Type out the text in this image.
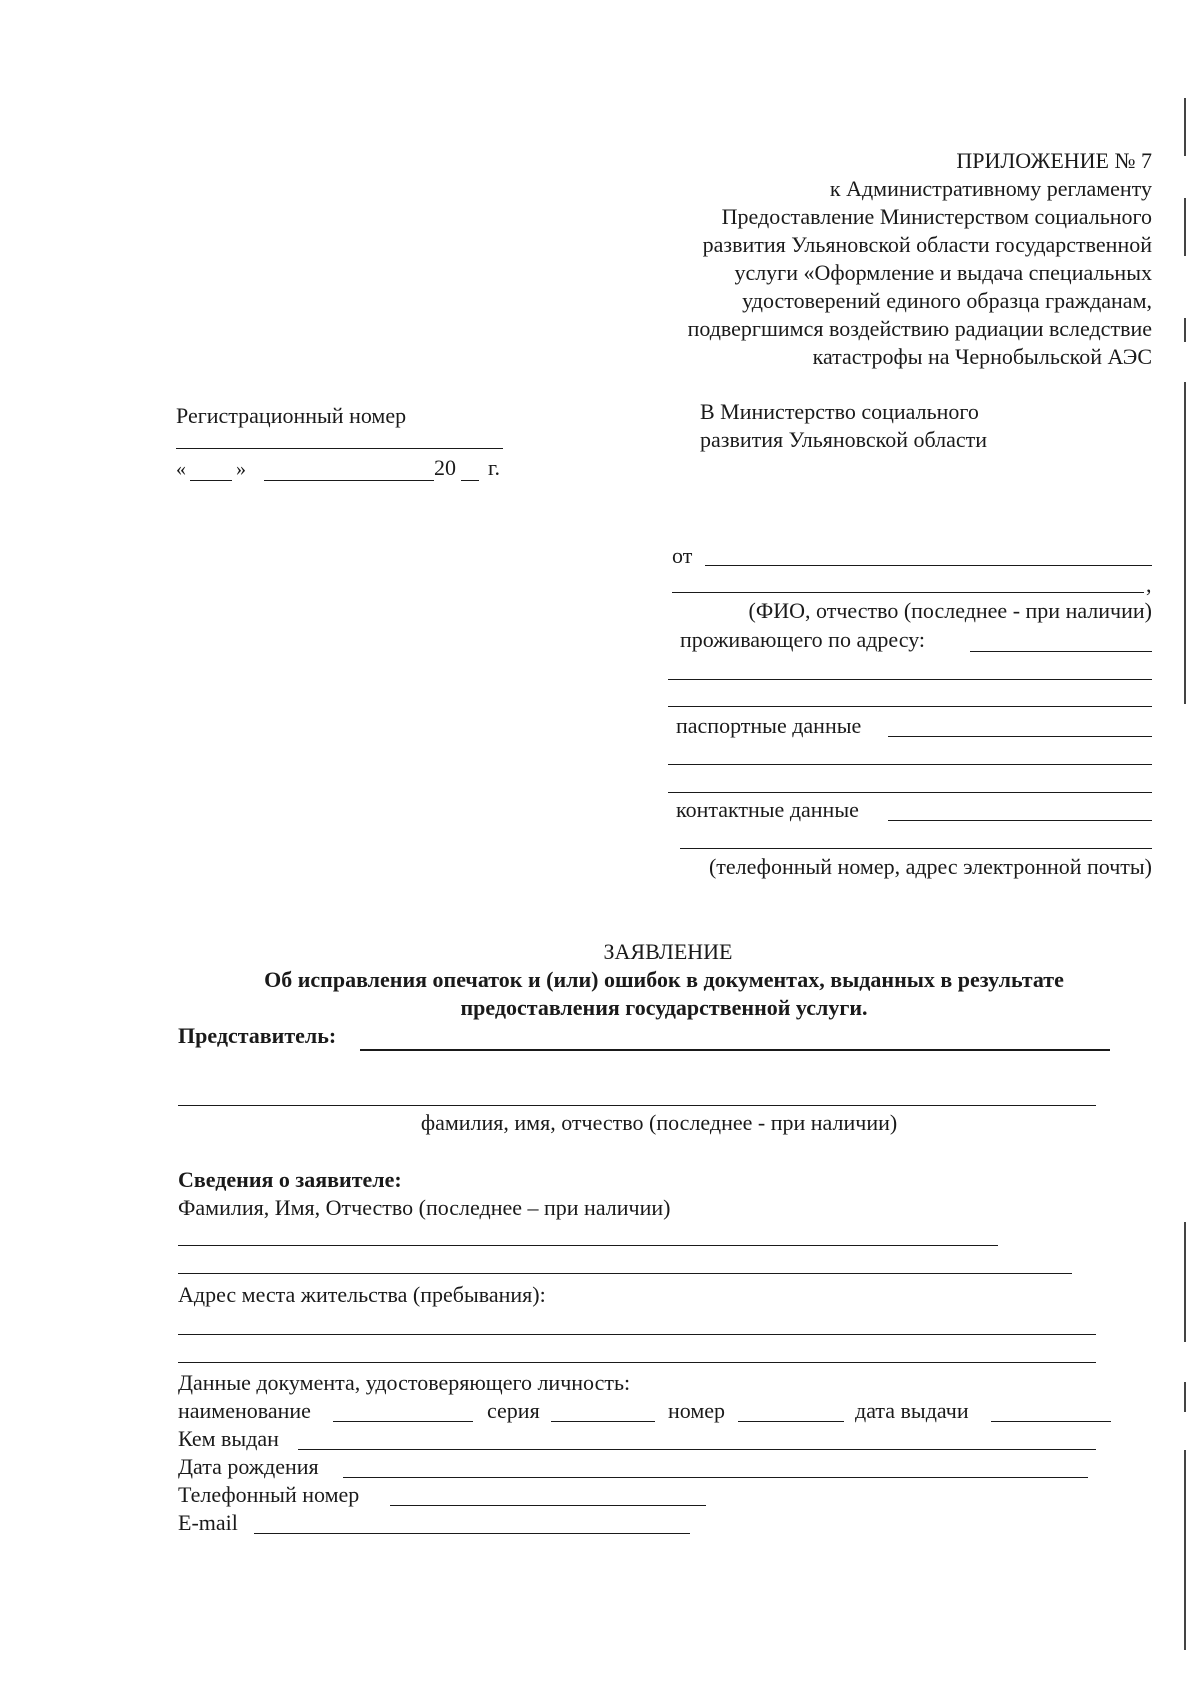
ПРИЛОЖЕНИЕ № 7
к Административному регламенту
Предоставление Министерством социального
развития Ульяновской области государственной
услуги «Оформление и выдача специальных
удостоверений единого образца гражданам,
подвергшимся воздействию радиации вследствие
катастрофы на Чернобыльской АЭС
Регистрационный номер
«	»	20 г.
В Министерство социального
развития Ульяновской области
от
,
(ФИО, отчество (последнее - при наличии)
проживающего по адресу:
паспортные данные
контактные данные
(телефонный номер, адрес электронной почты)
ЗАЯВЛЕНИЕ
Об исправления опечаток и (или) ошибок в документах, выданных в результате
предоставления государственной услуги.
Представитель:
фамилия, имя, отчество (последнее - при наличии)
Сведения о заявителе:
Фамилия, Имя, Отчество (последнее – при наличии)
Адрес места жительства (пребывания):
Данные документа, удостоверяющего личность:
наименование	серия	номер	дата выдачи
Кем выдан
Дата рождения
Телефонный номер
E-mail
